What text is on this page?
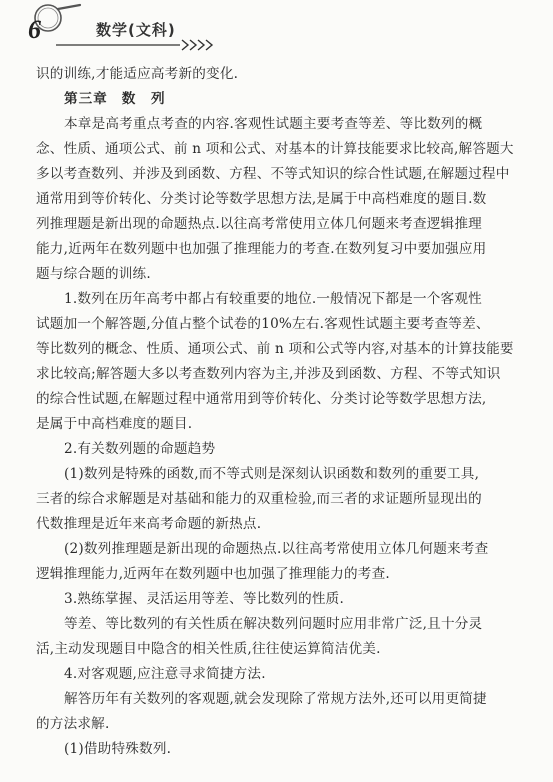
6	数学(文科)
识的训练,才能适应高考新的变化.
第三章 数　列
本章是高考重点考查的内容.客观性试题主要考查等差、等比数列的概
念、性质、通项公式、前 n 项和公式、对基本的计算技能要求比较高,解答题大
多以考查数列、并涉及到函数、方程、不等式知识的综合性试题,在解题过程中
通常用到等价转化、分类讨论等数学思想方法,是属于中高档难度的题目.数
列推理题是新出现的命题热点.以往高考常使用立体几何题来考查逻辑推理
能力,近两年在数列题中也加强了推理能力的考查.在数列复习中要加强应用
题与综合题的训练.
1.数列在历年高考中都占有较重要的地位.一般情况下都是一个客观性
试题加一个解答题,分值占整个试卷的10%左右.客观性试题主要考查等差、
等比数列的概念、性质、通项公式、前 n 项和公式等内容,对基本的计算技能要
求比较高;解答题大多以考查数列内容为主,并涉及到函数、方程、不等式知识
的综合性试题,在解题过程中通常用到等价转化、分类讨论等数学思想方法,
是属于中高档难度的题目.
2.有关数列题的命题趋势
(1)数列是特殊的函数,而不等式则是深刻认识函数和数列的重要工具,
三者的综合求解题是对基础和能力的双重检验,而三者的求证题所显现出的
代数推理是近年来高考命题的新热点.
(2)数列推理题是新出现的命题热点.以往高考常使用立体几何题来考查
逻辑推理能力,近两年在数列题中也加强了推理能力的考查.
3.熟练掌握、灵活运用等差、等比数列的性质.
等差、等比数列的有关性质在解决数列问题时应用非常广泛,且十分灵
活,主动发现题目中隐含的相关性质,往往使运算简洁优美.
4.对客观题,应注意寻求简捷方法.
解答历年有关数列的客观题,就会发现除了常规方法外,还可以用更简捷
的方法求解.
(1)借助特殊数列.
